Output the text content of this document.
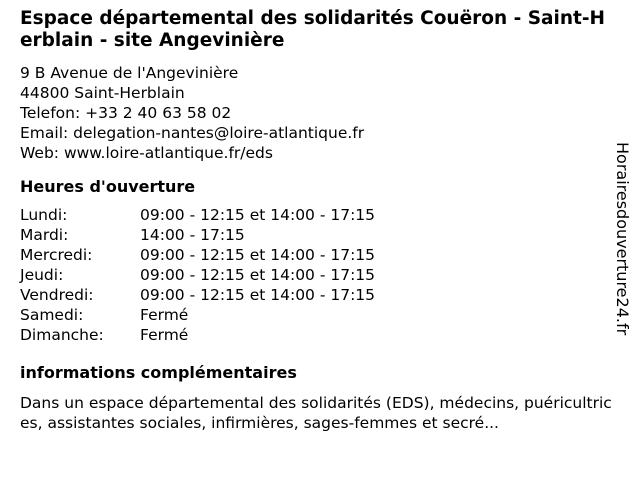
Espace départemental des solidarités Couëron - Saint-Herblain - site Angevinière
9 B Avenue de l'Angevinière
44800 Saint-Herblain
Telefon: +33 2 40 63 58 02
Email: delegation-nantes@loire-atlantique.fr
Web: www.loire-atlantique.fr/eds
Heures d'ouverture
Lundi:	09:00 - 12:15 et 14:00 - 17:15
Mardi:	14:00 - 17:15
Mercredi:	09:00 - 12:15 et 14:00 - 17:15
Jeudi:	09:00 - 12:15 et 14:00 - 17:15
Vendredi:	09:00 - 12:15 et 14:00 - 17:15
Samedi:	Fermé
Dimanche:	Fermé
informations complémentaires
Dans un espace départemental des solidarités (EDS), médecins, puéricultrices, assistantes sociales, infirmières, sages-femmes et secré...
Horairesdouverture24.fr
